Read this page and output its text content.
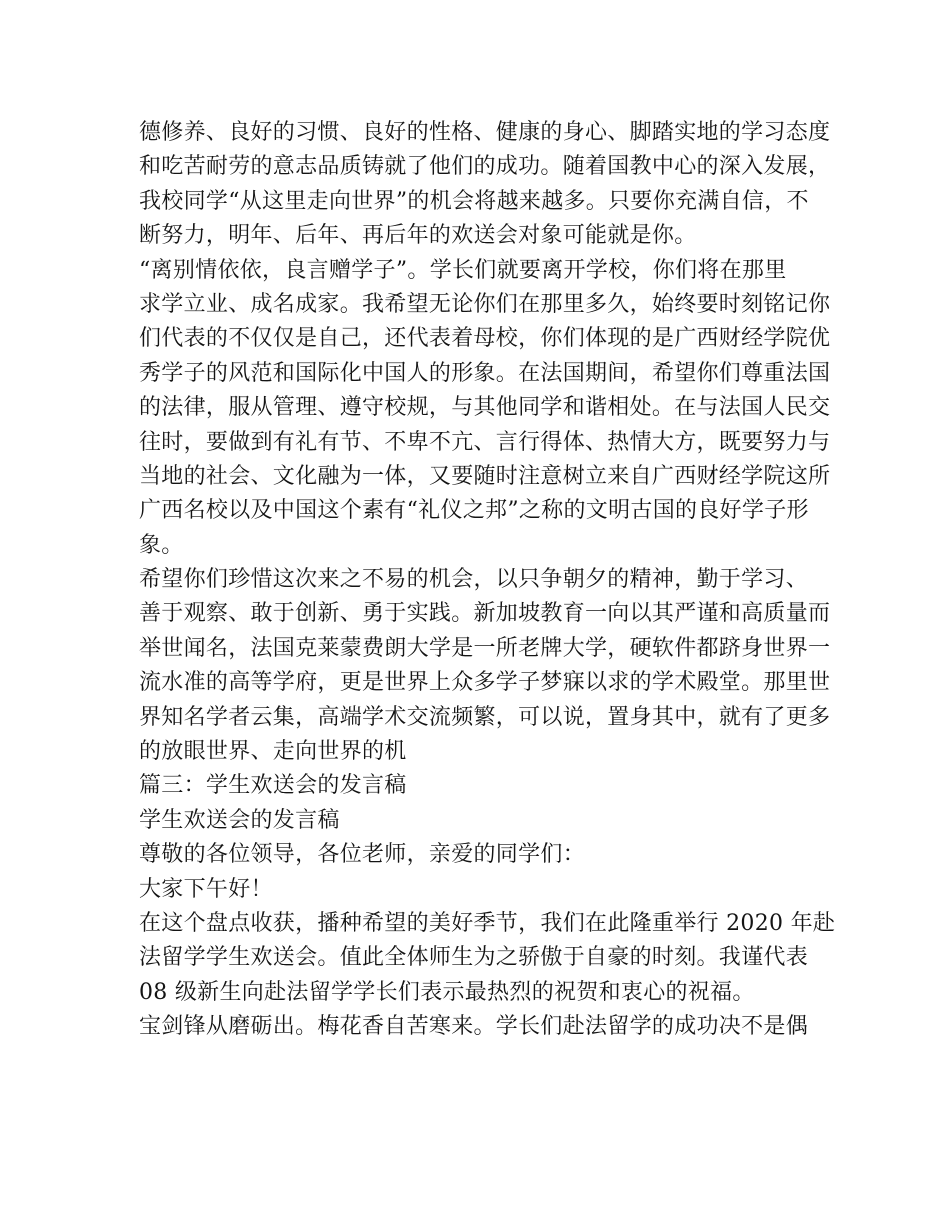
德修养、良好的习惯、良好的性格、健康的身心、脚踏实地的学习态度
和吃苦耐劳的意志品质铸就了他们的成功。随着国教中心的深入发展，
我校同学“从这里走向世界”的机会将越来越多。只要你充满自信，不
断努力，明年、后年、再后年的欢送会对象可能就是你。
“离别情依依，良言赠学子”。学长们就要离开学校，你们将在那里
求学立业、成名成家。我希望无论你们在那里多久，始终要时刻铭记你
们代表的不仅仅是自己，还代表着母校，你们体现的是广西财经学院优
秀学子的风范和国际化中国人的形象。在法国期间，希望你们尊重法国
的法律，服从管理、遵守校规，与其他同学和谐相处。在与法国人民交
往时，要做到有礼有节、不卑不亢、言行得体、热情大方，既要努力与
当地的社会、文化融为一体，又要随时注意树立来自广西财经学院这所
广西名校以及中国这个素有“礼仪之邦”之称的文明古国的良好学子形
象。
希望你们珍惜这次来之不易的机会，以只争朝夕的精神，勤于学习、
善于观察、敢于创新、勇于实践。新加坡教育一向以其严谨和高质量而
举世闻名，法国克莱蒙费朗大学是一所老牌大学，硬软件都跻身世界一
流水准的高等学府，更是世界上众多学子梦寐以求的学术殿堂。那里世
界知名学者云集，高端学术交流频繁，可以说，置身其中，就有了更多
的放眼世界、走向世界的机
篇三：学生欢送会的发言稿
学生欢送会的发言稿
尊敬的各位领导，各位老师，亲爱的同学们：
大家下午好！
在这个盘点收获，播种希望的美好季节，我们在此隆重举行 2020 年赴
法留学学生欢送会。值此全体师生为之骄傲于自豪的时刻。我谨代表
08 级新生向赴法留学学长们表示最热烈的祝贺和衷心的祝福。
宝剑锋从磨砺出。梅花香自苦寒来。学长们赴法留学的成功决不是偶
